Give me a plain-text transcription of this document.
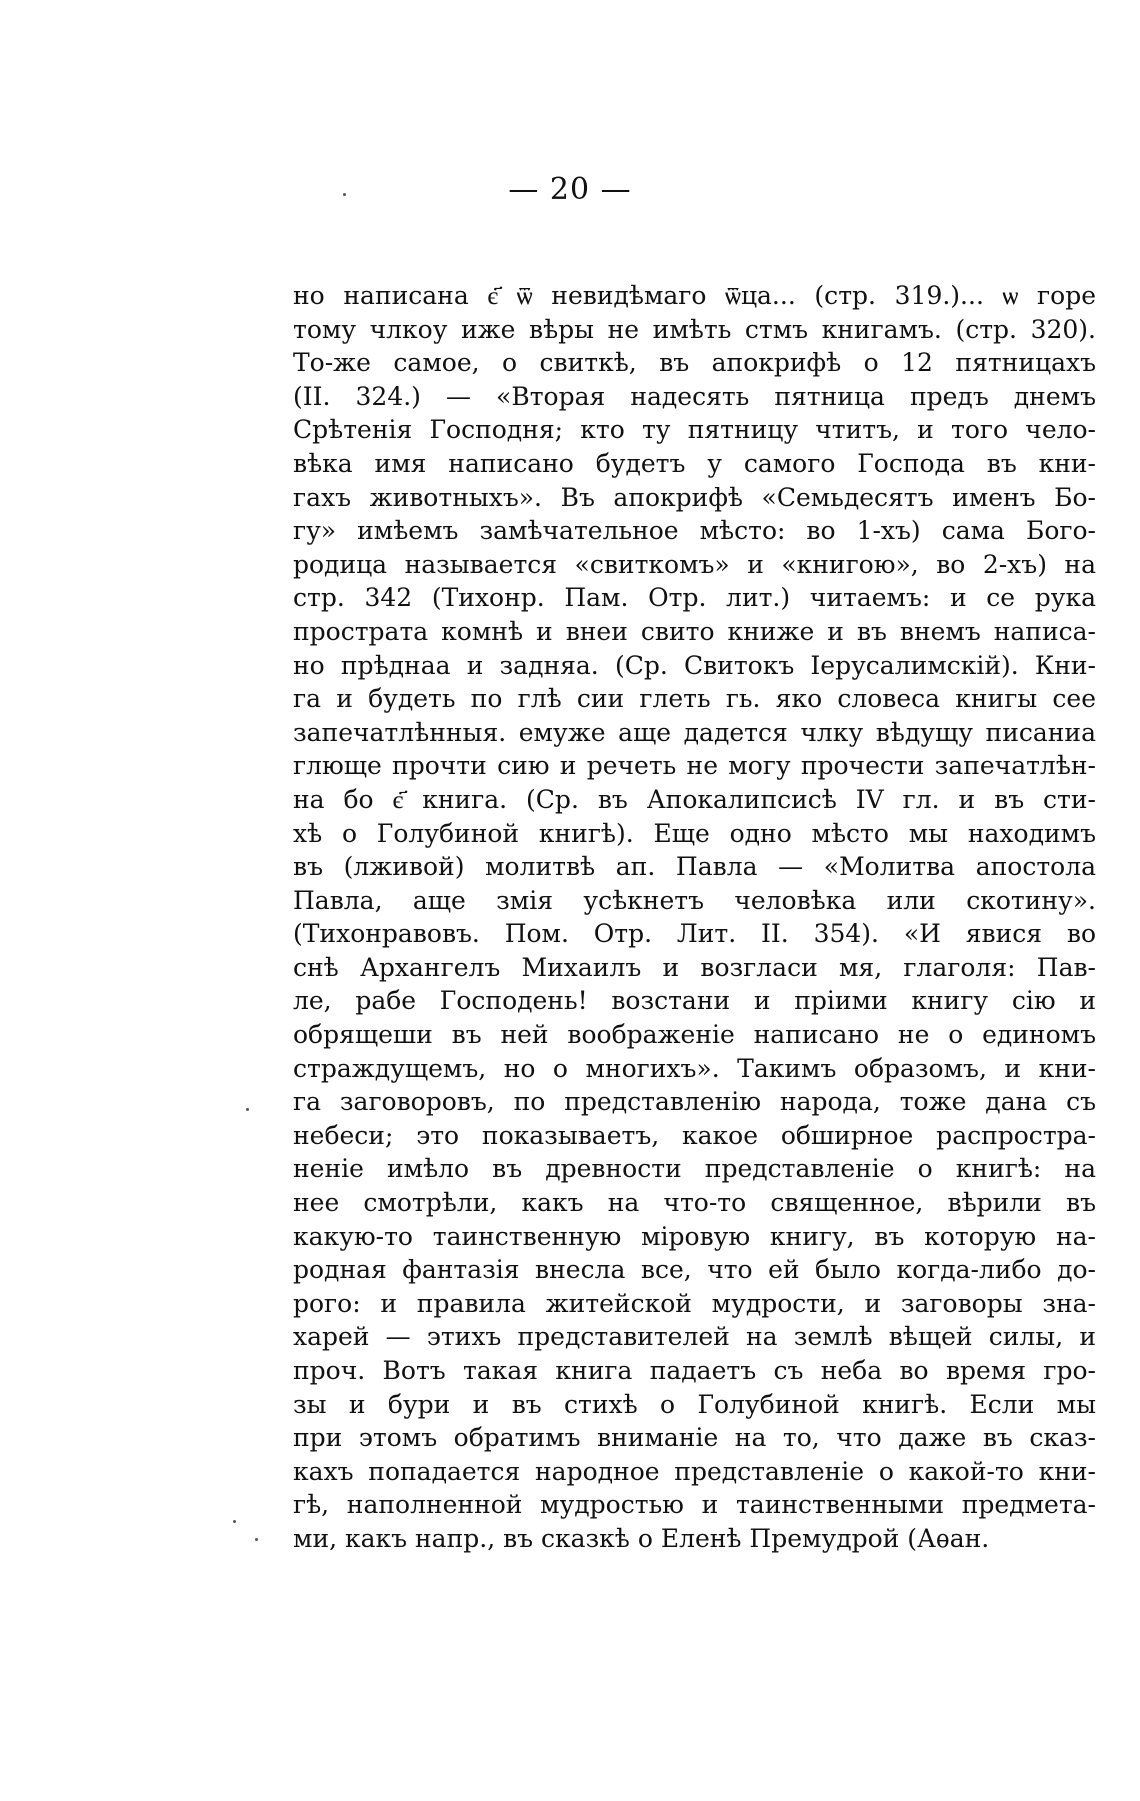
— 20 —
но написана є҃ ѿ невидѣмаго ѿца... (стр. 319.)... ѡ горе
тому члкоу иже вѣры не имѣть стмъ книгамъ. (стр. 320).
То-же самое, о свиткѣ, въ апокрифѣ о 12 пятницахъ
(II. 324.) — «Вторая надесять пятница предъ днемъ
Срѣтенія Господня; кто ту пятницу чтитъ, и того чело-
вѣка имя написано будетъ у самого Господа въ кни-
гахъ животныхъ». Въ апокрифѣ «Семьдесятъ именъ Бо-
гу» имѣемъ замѣчательное мѣсто: во 1-хъ) сама Бого-
родица называется «свиткомъ» и «книгою», во 2-хъ) на
стр. 342 (Тихонр. Пам. Отр. лит.) читаемъ: и се рука
прострата комнѣ и внеи свито книже и въ внемъ написа-
но прѣднаа и задняа. (Ср. Свитокъ Іерусалимскій). Кни-
га и будеть по глѣ сии глеть гь. яко словеса книгы сее
запечатлѣнныя. емуже аще дадется члку вѣдущу писаниа
глюще прочти сию и речеть не могу прочести запечатлѣн-
на бо є҃ книга. (Ср. въ Апокалипсисѣ IV гл. и въ сти-
хѣ о Голубиной книгѣ). Еще одно мѣсто мы находимъ
въ (лживой) молитвѣ ап. Павла — «Молитва апостола
Павла, аще змія усѣкнетъ человѣка или скотину».
(Тихонравовъ. Пом. Отр. Лит. II. 354). «И явися во
снѣ Архангелъ Михаилъ и возгласи мя, глаголя: Пав-
ле, рабе Господень! возстани и пріими книгу сію и
обрящеши въ ней воображеніе написано не о единомъ
страждущемъ, но о многихъ». Такимъ образомъ, и кни-
га заговоровъ, по представленію народа, тоже дана съ
небеси; это показываетъ, какое обширное распростра-
неніе имѣло въ древности представленіе о книгѣ: на
нее смотрѣли, какъ на что-то священное, вѣрили въ
какую-то таинственную міровую книгу, въ которую на-
родная фантазія внесла все, что ей было когда-либо до-
рого: и правила житейской мудрости, и заговоры зна-
харей — этихъ представителей на землѣ вѣщей силы, и
проч. Вотъ такая книга падаетъ съ неба во время гро-
зы и бури и въ стихѣ о Голубиной книгѣ. Если мы
при этомъ обратимъ вниманіе на то, что даже въ сказ-
кахъ попадается народное представленіе о какой-то кни-
гѣ, наполненной мудростью и таинственными предмета-
ми, какъ напр., въ сказкѣ о Еленѣ Премудрой (Аѳан.
